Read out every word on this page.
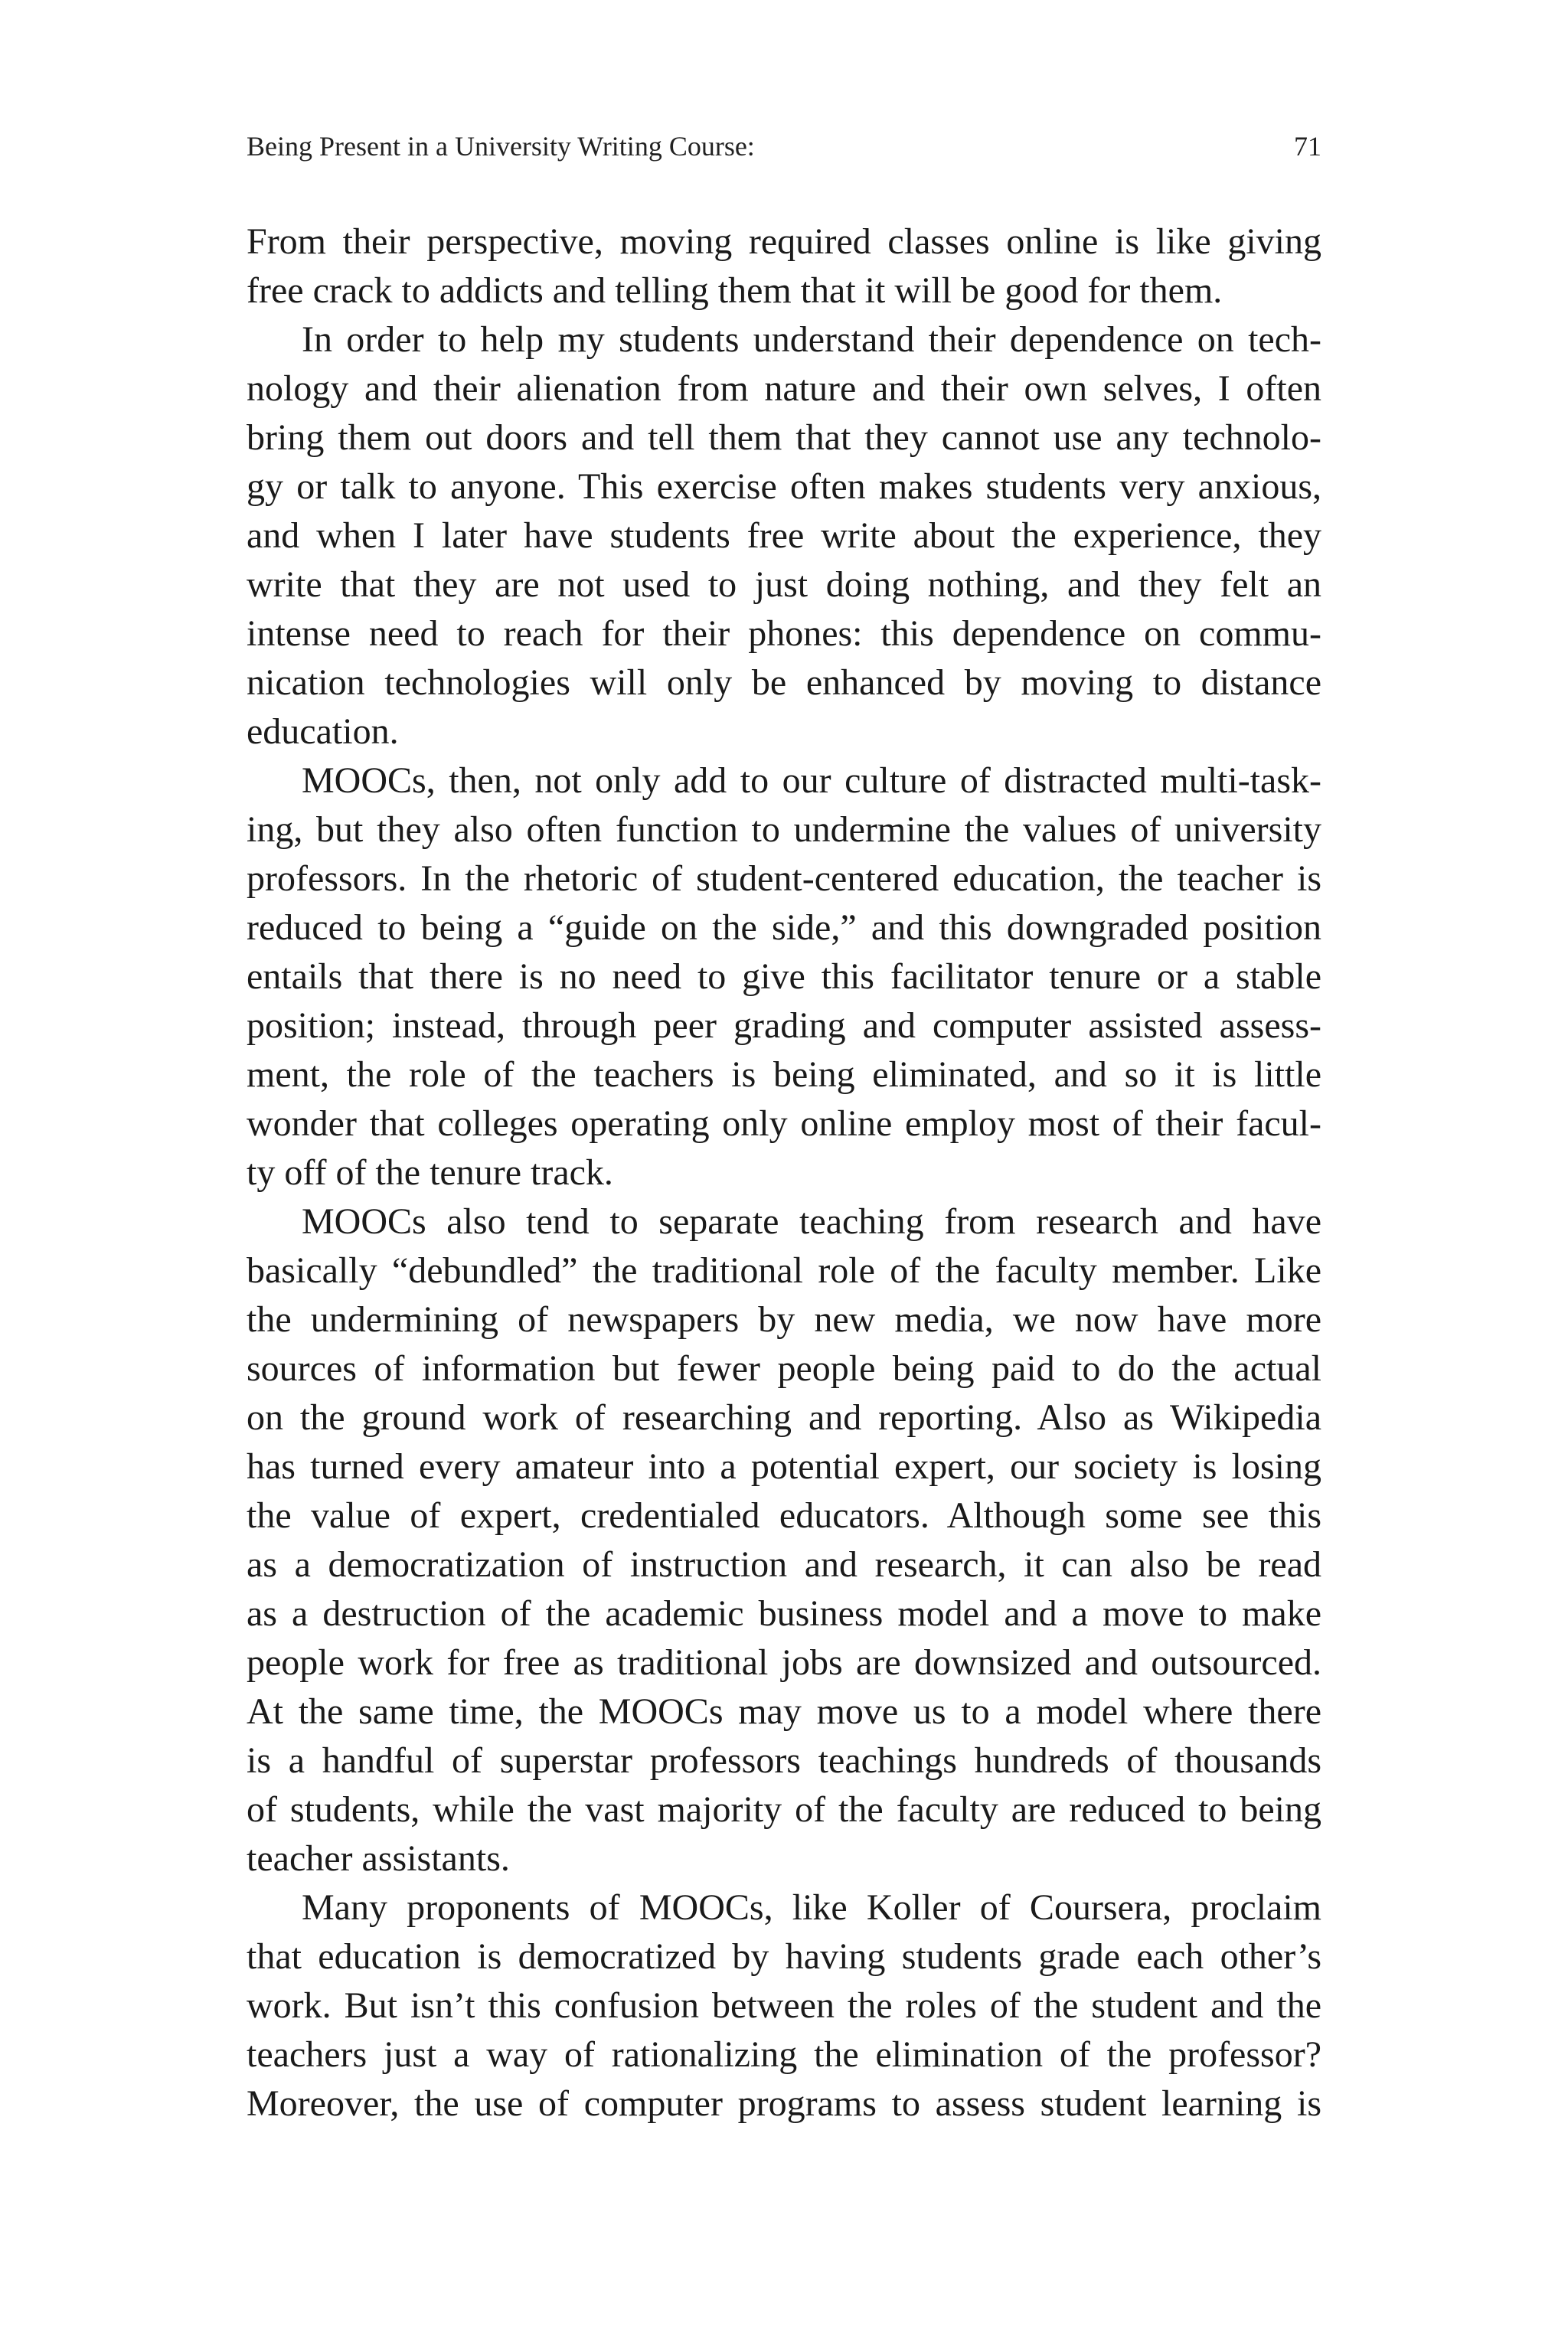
Being Present in a University Writing Course:	71
From their perspective, moving required classes online is like giving
free crack to addicts and telling them that it will be good for them.
In order to help my students understand their dependence on tech-
nology and their alienation from nature and their own selves, I often
bring them out doors and tell them that they cannot use any technolo-
gy or talk to anyone. This exercise often makes students very anxious,
and when I later have students free write about the experience, they
write that they are not used to just doing nothing, and they felt an
intense need to reach for their phones: this dependence on commu-
nication technologies will only be enhanced by moving to distance
education.
MOOCs, then, not only add to our culture of distracted multi-task-
ing, but they also often function to undermine the values of university
professors. In the rhetoric of student-centered education, the teacher is
reduced to being a “guide on the side,” and this downgraded position
entails that there is no need to give this facilitator tenure or a stable
position; instead, through peer grading and computer assisted assess-
ment, the role of the teachers is being eliminated, and so it is little
wonder that colleges operating only online employ most of their facul-
ty off of the tenure track.
MOOCs also tend to separate teaching from research and have
basically “debundled” the traditional role of the faculty member. Like
the undermining of newspapers by new media, we now have more
sources of information but fewer people being paid to do the actual
on the ground work of researching and reporting. Also as Wikipedia
has turned every amateur into a potential expert, our society is losing
the value of expert, credentialed educators. Although some see this
as a democratization of instruction and research, it can also be read
as a destruction of the academic business model and a move to make
people work for free as traditional jobs are downsized and outsourced.
At the same time, the MOOCs may move us to a model where there
is a handful of superstar professors teachings hundreds of thousands
of students, while the vast majority of the faculty are reduced to being
teacher assistants.
Many proponents of MOOCs, like Koller of Coursera, proclaim
that education is democratized by having students grade each other’s
work. But isn’t this confusion between the roles of the student and the
teachers just a way of rationalizing the elimination of the professor?
Moreover, the use of computer programs to assess student learning is
